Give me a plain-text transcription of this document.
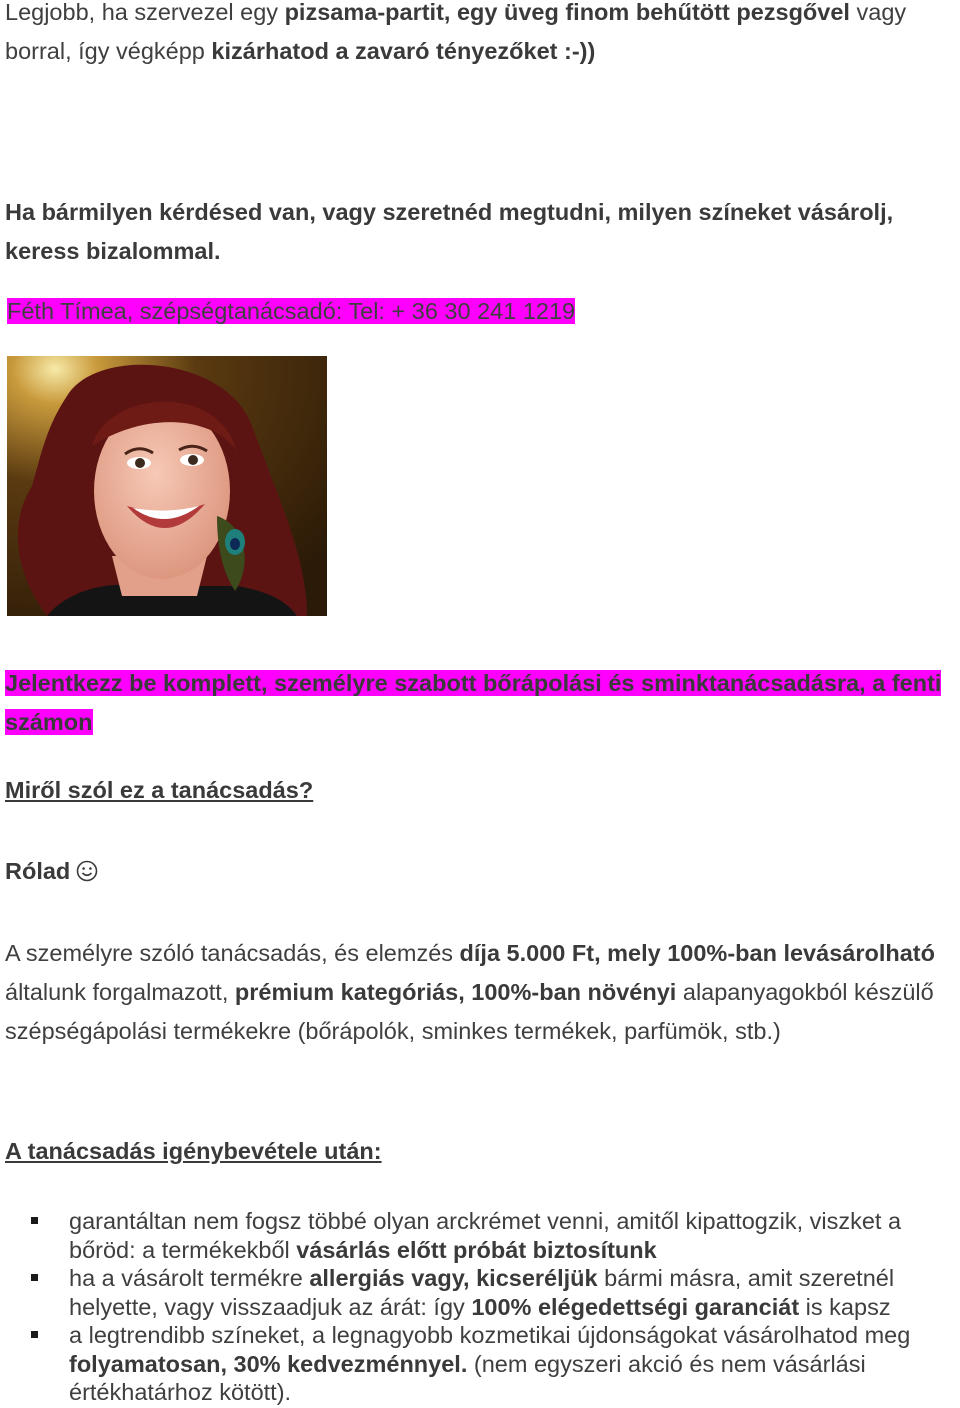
Legjobb, ha szervezel egy pizsama-partit, egy üveg finom behűtött pezsgővel vagy borral, így végképp kizárhatod a zavaró tényezőket :-))

Ha bármilyen kérdésed van, vagy szeretnéd megtudni, milyen színeket vásárolj, keress bizalommal.

Féth Tímea, szépségtanácsadó: Tel: + 36 30 241 1219

Jelentkezz be komplett, személyre szabott bőrápolási és sminktanácsadásra, a fenti számon

Miről szól ez a tanácsadás?

Rólad

A személyre szóló tanácsadás, és elemzés díja 5.000 Ft, mely 100%-ban levásárolható általunk forgalmazott, prémium kategóriás, 100%-ban növényi alapanyagokból készülő szépségápolási termékekre (bőrápolók, sminkes termékek, parfümök, stb.)

A tanácsadás igénybevétele után:

garantáltan nem fogsz többé olyan arckrémet venni, amitől kipattogzik, viszket a bőröd: a termékekből vásárlás előtt próbát biztosítunk
ha a vásárolt termékre allergiás vagy, kicseréljük bármi másra, amit szeretnél helyette, vagy visszaadjuk az árát: így 100% elégedettségi garanciát is kapsz
a legtrendibb színeket, a legnagyobb kozmetikai újdonságokat vásárolhatod meg folyamatosan, 30% kedvezménnyel. (nem egyszeri akció és nem vásárlási értékhatárhoz kötött).
